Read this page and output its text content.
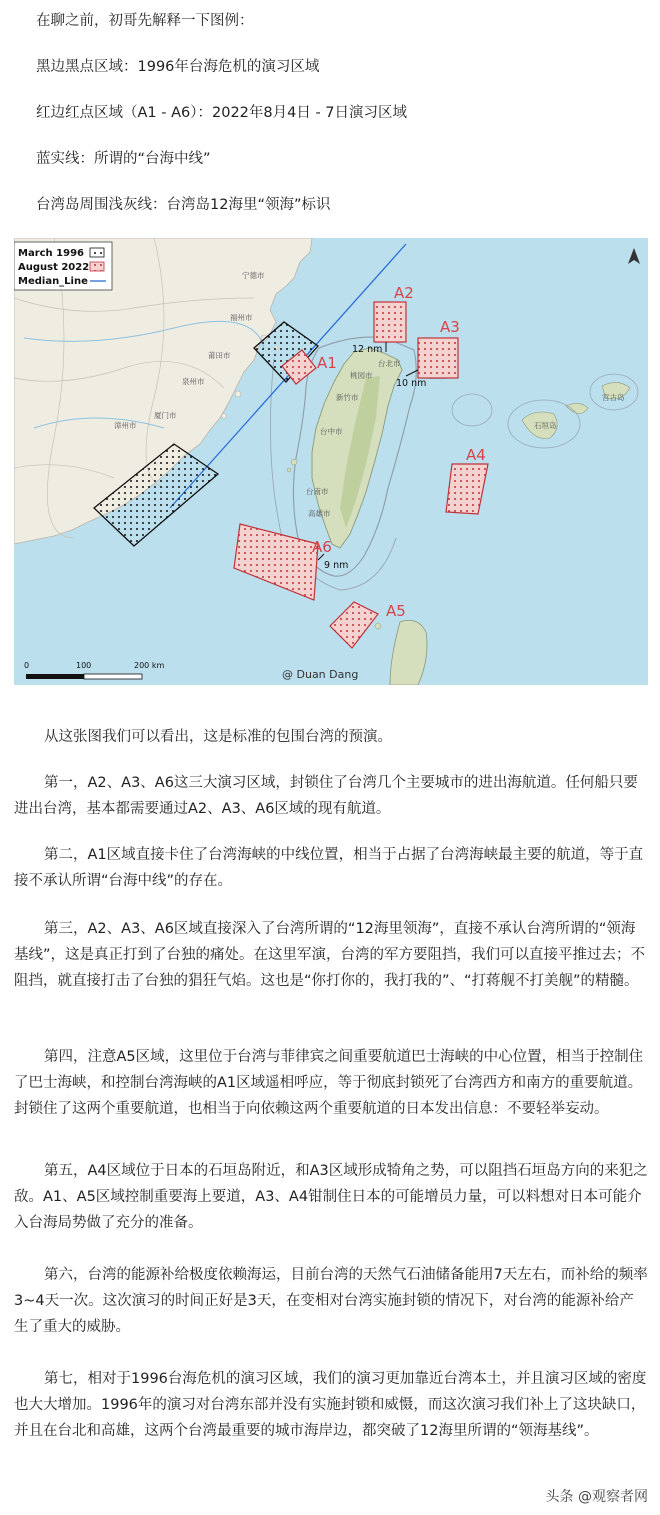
在聊之前，初哥先解释一下图例：
黑边黑点区域：1996年台海危机的演习区域
红边红点区域（A1 - A6）：2022年8月4日 - 7日演习区域
蓝实线：所谓的“台海中线”
台湾岛周围浅灰线：台湾岛12海里“领海”标识
A1
A2
A3
A4
A5
A6
12 nm
10 nm
9 nm
台北市
桃园市
新竹市
台中市
台南市
高雄市
宁德市
福州市
莆田市
泉州市
厦门市
漳州市
宫古岛
石垣岛
March 1996
August 2022
Median_Line
0	100	200 km
@ Duan Dang
从这张图我们可以看出，这是标准的包围台湾的预演。
第一，A2、A3、A6这三大演习区域，封锁住了台湾几个主要城市的进出海航道。任何船只要进出台湾，基本都需要通过A2、A3、A6区域的现有航道。
第二，A1区域直接卡住了台湾海峡的中线位置，相当于占据了台湾海峡最主要的航道，等于直接不承认所谓“台海中线”的存在。
第三，A2、A3、A6区域直接深入了台湾所谓的“12海里领海”，直接不承认台湾所谓的“领海基线”，这是真正打到了台独的痛处。在这里军演，台湾的军方要阻挡，我们可以直接平推过去；不阻挡，就直接打击了台独的猖狂气焰。这也是“你打你的，我打我的”、“打蒋舰不打美舰”的精髓。
第四，注意A5区域，这里位于台湾与菲律宾之间重要航道巴士海峡的中心位置，相当于控制住了巴士海峡，和控制台湾海峡的A1区域遥相呼应，等于彻底封锁死了台湾西方和南方的重要航道。封锁住了这两个重要航道，也相当于向依赖这两个重要航道的日本发出信息：不要轻举妄动。
第五，A4区域位于日本的石垣岛附近，和A3区域形成犄角之势，可以阻挡石垣岛方向的来犯之敌。A1、A5区域控制重要海上要道，A3、A4钳制住日本的可能增员力量，可以料想对日本可能介入台海局势做了充分的准备。
第六，台湾的能源补给极度依赖海运，目前台湾的天然气石油储备能用7天左右，而补给的频率3~4天一次。这次演习的时间正好是3天，在变相对台湾实施封锁的情况下，对台湾的能源补给产生了重大的威胁。
第七，相对于1996台海危机的演习区域，我们的演习更加靠近台湾本土，并且演习区域的密度也大大增加。1996年的演习对台湾东部并没有实施封锁和威慑，而这次演习我们补上了这块缺口，并且在台北和高雄，这两个台湾最重要的城市海岸边，都突破了12海里所谓的“领海基线”。
头条 @观察者网
